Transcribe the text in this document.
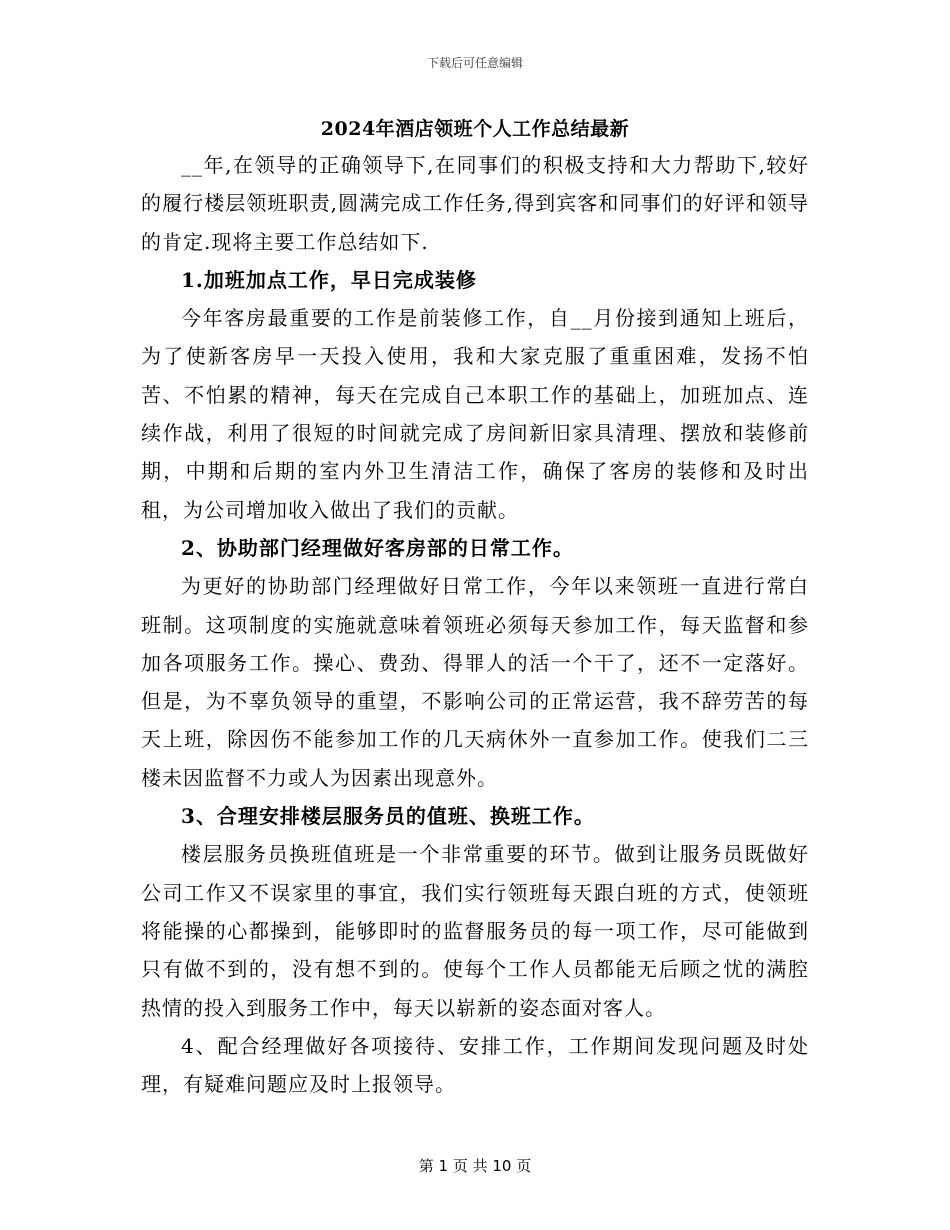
下载后可任意编辑
2024年酒店领班个人工作总结最新

__年,在领导的正确领导下,在同事们的积极支持和大力帮助下,较好的履行楼层领班职责,圆满完成工作任务,得到宾客和同事们的好评和领导的肯定.现将主要工作总结如下.

1.加班加点工作，早日完成装修

今年客房最重要的工作是前装修工作，自__月份接到通知上班后，为了使新客房早一天投入使用，我和大家克服了重重困难，发扬不怕苦、不怕累的精神，每天在完成自己本职工作的基础上，加班加点、连续作战，利用了很短的时间就完成了房间新旧家具清理、摆放和装修前期，中期和后期的室内外卫生清洁工作，确保了客房的装修和及时出租，为公司增加收入做出了我们的贡献。

2、协助部门经理做好客房部的日常工作。

为更好的协助部门经理做好日常工作，今年以来领班一直进行常白班制。这项制度的实施就意味着领班必须每天参加工作，每天监督和参加各项服务工作。操心、费劲、得罪人的活一个干了，还不一定落好。但是，为不辜负领导的重望，不影响公司的正常运营，我不辞劳苦的每天上班，除因伤不能参加工作的几天病休外一直参加工作。使我们二三楼未因监督不力或人为因素出现意外。

3、合理安排楼层服务员的值班、换班工作。

楼层服务员换班值班是一个非常重要的环节。做到让服务员既做好公司工作又不误家里的事宜，我们实行领班每天跟白班的方式，使领班将能操的心都操到，能够即时的监督服务员的每一项工作，尽可能做到只有做不到的，没有想不到的。使每个工作人员都能无后顾之忧的满腔热情的投入到服务工作中，每天以崭新的姿态面对客人。

4、配合经理做好各项接待、安排工作，工作期间发现问题及时处理，有疑难问题应及时上报领导。

第 1 页 共 10 页
